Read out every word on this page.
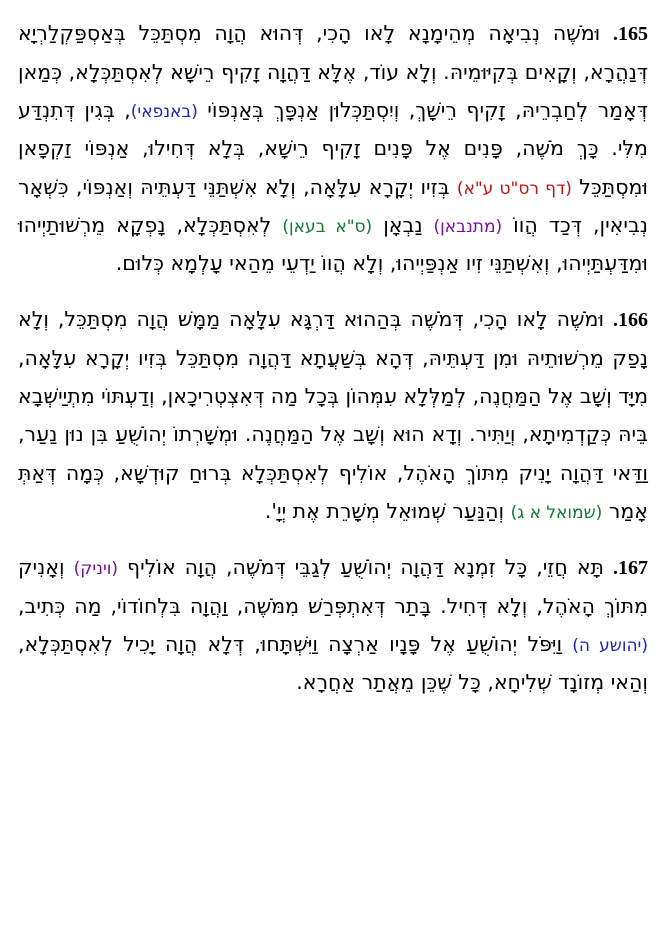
165. וּמֹשֶׁה נְבִיאָה מְהֵימָנָא לָאו הָכִי, דְּהוּא הֲוָה מִסְתַּכֵּל בְּאַסְפַּקְלַרְיָא דְּנַהֲרָא, וְקָאִים בְּקִיּוּמֵיהּ. וְלָא עוֹד, אֶלָּא דַּהֲוָה זָקִיף רֵישָׁא לְאִסְתַּכְּלָא, כְּמַאן דְּאָמַר לְחַבְרֵיהּ, זָקִיף רֵישָׁךְ, וְיִסְתַּכְּלוּן אַנְפָּךְ בְּאַנְפּוֹי (באנפאי), בְּגִין דְּתִנְדַּע מִלִּי. כָּךְ מֹשֶׁה, פָּנִים אֶל פָּנִים זָקִיף רֵישָׁא, בְּלָא דְּחִילוּ, אַנְפּוֹי זַקְפָאן וּמִסְתַּכֵּל (דף רס"ט ע"א) בְּזִיו יְקָרָא עִלָּאָה, וְלָא אִשְׁתַּנֵּי דַּעְתֵּיהּ וְאַנְפּוֹי, כִּשְׁאָר נְבִיאִין, דְּכַד הֲווֹ (מתנבאן) נַבְאָן (ס"א בעאן) לְאִסְתַּכְּלָא, נָפְקָא מֵרְשׁוּתַיְיהוּ וּמִדַּעְתַּיְיהוּ, וְאִשְׁתַּנֵּי זִיו אַנְפַּיְיהוּ, וְלָא הֲווֹ יַדְעֵי מֵהַאי עָלְמָא כְּלוּם.

166. וּמֹשֶׁה לָאו הָכִי, דְּמֹשֶׁה בְּהַהוּא דַּרְגָּא עִלָּאָה מַמָּשׁ הֲוָה מִסְתַּכֵּל, וְלָא נָפַק מֵרְשׁוּתֵיהּ וּמִן דַּעְתֵּיהּ, דְּהָא בְּשַׁעֲתָא דַּהֲוָה מִסְתַּכֵּל בְּזִיו יְקָרָא עִלָּאָה, מִיָּד וְשָׁב אֶל הַמַּחֲנֶה, לְמַלְּלָא עִמְּהוֹן בְּכָל מַה דְּאִצְטְרִיכָאן, וְדַעְתּוֹי מִתְיַישְּׁבָא בֵּיהּ כְּקַדְמִיתָא, וְיַתִּיר. וְדָא הוּא וְשָׁב אֶל הַמַּחֲנֶה. וּמְשָׁרְתוֹ יְהוֹשֻׁעַ בִּן נוּן נַעַר, וַדַּאי דַּהֲוָה יָנִיק מִתּוֹךְ הָאֹהֶל, אוֹלִיף לְאִסְתַּכְּלָא בְּרוּחַ קוּדְשָׁא, כְּמָה דְּאַתְּ אָמַר (שמואל א ג) וְהַנַּעַר שְׁמוּאֵל מְשָׁרֵת אֶת יְיָ'.

167. תָּא חֲזֵי, כָּל זִמְנָא דַּהֲוָה יְהוֹשֻׁעַ לְגַבֵּי דְּמֹשֶׁה, הֲוָה אוֹלִיף (ויניק) וְאָנִיק מִתּוֹךְ הָאֹהֶל, וְלָא דְּחִיל. בָּתַר דְּאִתְפְּרַשׁ מִמֹּשֶׁה, וַהֲוָה בִּלְחוֹדוֹי, מַה כְּתִיב, (יהושע ה) וַיִּפֹּל יְהוֹשֻׁעַ אֶל פָּנָיו אַרְצָה וַיִּשְׁתָּחוּ, דְּלָא הֲוָה יָכִיל לְאִסְתַּכְּלָא, וְהַאי מְזוֹנָד שְׁלִיחָא, כָּל שֶׁכֵּן מֵאֲתַר אַחֲרָא.
